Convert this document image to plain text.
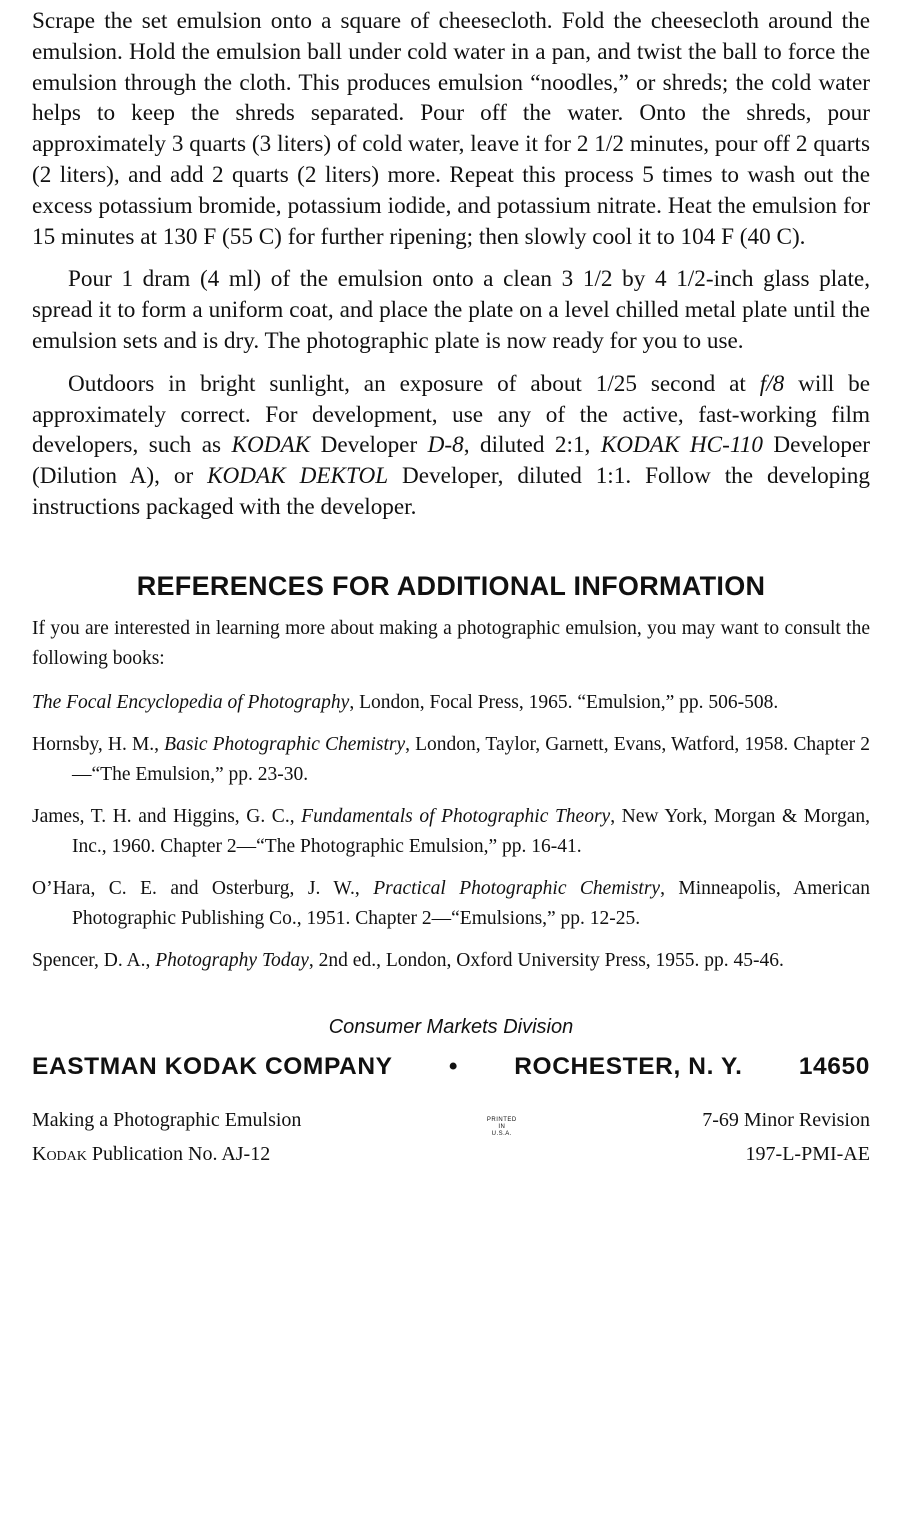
Scrape the set emulsion onto a square of cheesecloth. Fold the cheesecloth around the emulsion. Hold the emulsion ball under cold water in a pan, and twist the ball to force the emulsion through the cloth. This produces emulsion “noodles,” or shreds; the cold water helps to keep the shreds separated. Pour off the water. Onto the shreds, pour approximately 3 quarts (3 liters) of cold water, leave it for 2 1/2 minutes, pour off 2 quarts (2 liters), and add 2 quarts (2 liters) more. Repeat this process 5 times to wash out the excess potassium bromide, potassium iodide, and potassium nitrate. Heat the emulsion for 15 minutes at 130 F (55 C) for further ripening; then slowly cool it to 104 F (40 C).

Pour 1 dram (4 ml) of the emulsion onto a clean 3 1/2 by 4 1/2-inch glass plate, spread it to form a uniform coat, and place the plate on a level chilled metal plate until the emulsion sets and is dry. The photographic plate is now ready for you to use.

Outdoors in bright sunlight, an exposure of about 1/25 second at f/8 will be approximately correct. For development, use any of the active, fast-working film developers, such as KODAK Developer D-8, diluted 2:1, KODAK HC-110 Developer (Dilution A), or KODAK DEKTOL Developer, diluted 1:1. Follow the developing instructions packaged with the developer.

REFERENCES FOR ADDITIONAL INFORMATION

If you are interested in learning more about making a photographic emulsion, you may want to consult the following books:

The Focal Encyclopedia of Photography, London, Focal Press, 1965. “Emulsion,” pp. 506-508.

Hornsby, H. M., Basic Photographic Chemistry, London, Taylor, Garnett, Evans, Watford, 1958. Chapter 2—“The Emulsion,” pp. 23-30.

James, T. H. and Higgins, G. C., Fundamentals of Photographic Theory, New York, Morgan & Morgan, Inc., 1960. Chapter 2—“The Photographic Emulsion,” pp. 16-41.

O’Hara, C. E. and Osterburg, J. W., Practical Photographic Chemistry, Minneapolis, American Photographic Publishing Co., 1951. Chapter 2—“Emulsions,” pp. 12-25.

Spencer, D. A., Photography Today, 2nd ed., London, Oxford University Press, 1955. pp. 45-46.

Consumer Markets Division
EASTMAN KODAK COMPANY • ROCHESTER, N. Y. 14650
Making a Photographic Emulsion
Kodak Publication No. AJ-12
PRINTED
IN
U.S.A.
7-69 Minor Revision
197-L-PMI-AE
